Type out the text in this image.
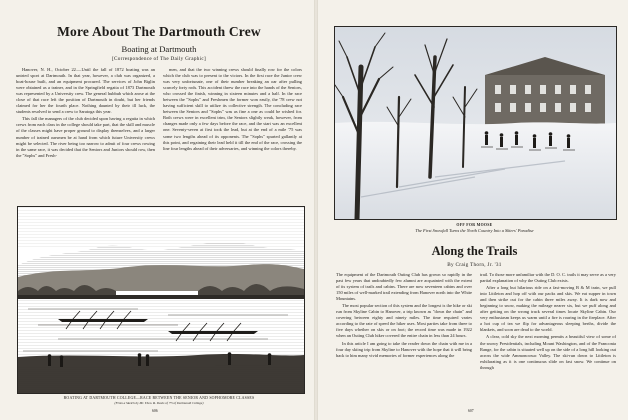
More About The Dartmouth Crew
Boating at Dartmouth
[Correspondence of The Daily Graphic]

Hanover, N. H., October 22.—Until the fall of 1872 boating was an untried sport at Dartmouth. In that year, however, a club was organized, a boat-house built, and an equipment procured. The services of John Biglin were obtained as a trainer, and in the Springfield regatta of 1873 Dartmouth was represented by a University crew. The general hubbub which arose at the close of that race left the position of Dartmouth in doubt, but her friends claimed for her the fourth place. Nothing daunted by their ill luck, the students resolved to send a crew to Saratoga this year.

This fall the managers of the club decided upon having a regatta in which crews from each class in the college should take part, that the skill and muscle of the classes might have proper ground to display themselves, and a larger number of trained oarsmen be at hand from which future University crews might be selected. The river being too narrow to admit of four crews rowing in the same race, it was decided that the Seniors and Juniors should row, then the "Sophs" and Fresh-

men, and that the two winning crews should finally row for the colors which the club was to present to the victors. In the first race the Junior crew was very unfortunate, one of their number breaking an oar after pulling scarcely forty rods. This accident threw the race into the hands of the Seniors, who crossed the finish, winning in sixteen minutes and a half. In the race between the "Sophs" and Freshmen the former won easily, the '78 crew not having sufficient skill to utilize its collective strength. The concluding race between the Seniors and "Sophs" was as fine a one as could be wished for. Both crews were in excellent trim, the Seniors slightly weak, however, from changes made only a few days before the race, and the start was an excellent one. Seventy-seven at first took the lead, but at the end of a mile '75 was some two lengths ahead of its opponents. The "Sophs" spurted gallantly at this point, and regaining their lead held it till the end of the race, crossing the line four lengths ahead of their adversaries, and winning the colors thereby.

BOATING AT DARTMOUTH COLLEGE—RACE BETWEEN THE SENIOR AND SOPHOMORE CLASSES
(From a Sketch by Mr. Theo. R. Davis of '75 of Dartmouth College)
606
OFF FOR MOOSE
The First Snowfall Turns the North Country Into a Skiers' Paradise
Along the Trails
By Craig Thorn, Jr. '31

The equipment of the Dartmouth Outing Club has grown so rapidly in the past few years that undoubtedly few alumni are acquainted with the extent of its system of trails and cabins. There are now seventeen cabins and over 150 miles of well-marked trail extending from Hanover north into the White Mountains.

The most popular section of this system and the longest is the hike or ski run from Skyline Cabin to Hanover, a trip known as "down the chain" and covering between eighty and ninety miles. The time required varies according to the rate of speed the hiker uses. Most parties take from three to five days whether on skis or on foot; the record time was made in 1922 when an Outing Club hiker covered the entire chain in less than 24 hours.

In this article I am going to take the reader down the chain with me in a four day skiing trip from Skyline to Hanover with the hope that it will bring back to him many vivid memories of former experiences along the

trail. To those more unfamiliar with the D. O. C. trails it may serve as a very partial explanation of why the Outing Club exists.

After a long but hilarious ride on a fast-moving B & M train, we pull into Littleton and hop off with our packs and skis. We eat supper in town and then strike out for the cabin three miles away. It is dark now and beginning to snow, making the mileage nearer six, but we puff along and after getting on the wrong track several times locate Skyline Cabin. Our very enthusiasm keeps us warm until a fire is roaring in the fireplace. After a hot cup of tea we flip for advantageous sleeping berths, divide the blankets, and soon are dead to the world.

A clear, cold sky the next morning permits a beautiful view of some of the snowy Presidentials, including Mount Washington, and of the Franconia Range, for the cabin is situated well up on the side of a long hill looking out across the wide Ammonoosuc Valley. The ski-run down to Littleton is exhilarating as it is one continuous slide on fast snow. We continue on through

607
